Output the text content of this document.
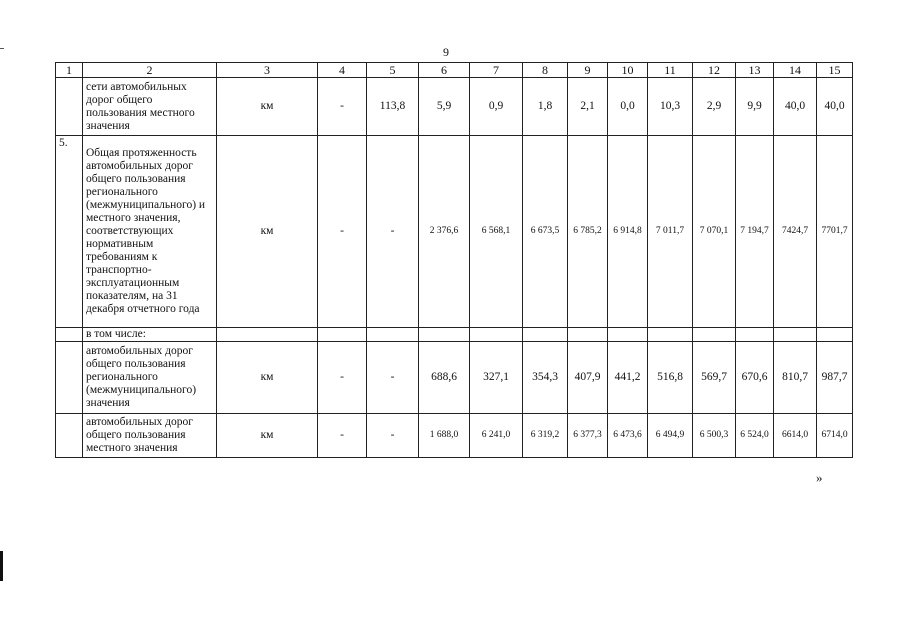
9
1	2	3	4	5	6	7	8	9	10	11	12	13	14	15
	сети автомобильных дорог общего пользования местного значения	км	-	113,8	5,9	0,9	1,8	2,1	0,0	10,3	2,9	9,9	40,0	40,0
5.	Общая протяженность автомобильных дорог общего пользования регионального (межмуниципального) и местного значения, соответствующих нормативным требованиям к транспортно-эксплуатационным показателям, на 31 декабря отчетного года	км	-	-	2 376,6	6 568,1	6 673,5	6 785,2	6 914,8	7 011,7	7 070,1	7 194,7	7424,7	7701,7
	в том числе:													
	автомобильных дорог общего пользования регионального (межмуниципального) значения	км	-	-	688,6	327,1	354,3	407,9	441,2	516,8	569,7	670,6	810,7	987,7
	автомобильных дорог общего пользования местного значения	км	-	-	1 688,0	6 241,0	6 319,2	6 377,3	6 473,6	6 494,9	6 500,3	6 524,0	6614,0	6714,0
»
